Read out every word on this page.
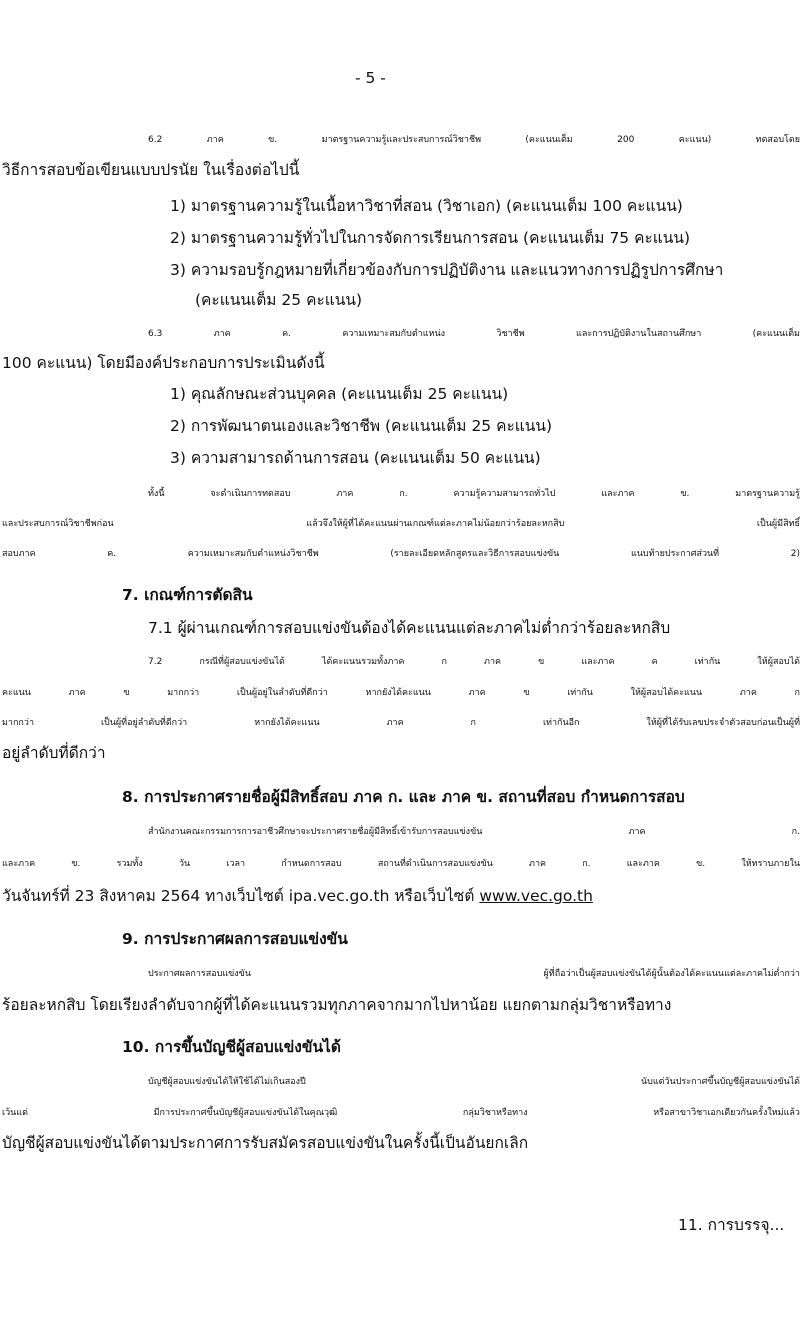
- 5 -
6.2 ภาค ข. มาตรฐานความรู้และประสบการณ์วิชาชีพ (คะแนนเต็ม 200 คะแนน) ทดสอบโดย
วิธีการสอบข้อเขียนแบบปรนัย ในเรื่องต่อไปนี้
1) มาตรฐานความรู้ในเนื้อหาวิชาที่สอน (วิชาเอก) (คะแนนเต็ม 100 คะแนน)
2) มาตรฐานความรู้ทั่วไปในการจัดการเรียนการสอน (คะแนนเต็ม 75 คะแนน)
3) ความรอบรู้กฎหมายที่เกี่ยวข้องกับการปฏิบัติงาน และแนวทางการปฏิรูปการศึกษา
(คะแนนเต็ม 25 คะแนน)
6.3 ภาค ค. ความเหมาะสมกับตำแหน่ง วิชาชีพ และการปฏิบัติงานในสถานศึกษา (คะแนนเต็ม
100 คะแนน) โดยมีองค์ประกอบการประเมินดังนี้
1) คุณลักษณะส่วนบุคคล (คะแนนเต็ม 25 คะแนน)
2) การพัฒนาตนเองและวิชาชีพ (คะแนนเต็ม 25 คะแนน)
3) ความสามารถด้านการสอน (คะแนนเต็ม 50 คะแนน)
ทั้งนี้ จะดำเนินการทดสอบ ภาค ก. ความรู้ความสามารถทั่วไป และภาค ข. มาตรฐานความรู้
และประสบการณ์วิชาชีพก่อน แล้วจึงให้ผู้ที่ได้คะแนนผ่านเกณฑ์แต่ละภาคไม่น้อยกว่าร้อยละหกสิบ เป็นผู้มีสิทธิ์
สอบภาค ค. ความเหมาะสมกับตำแหน่งวิชาชีพ (รายละเอียดหลักสูตรและวิธีการสอบแข่งขัน แนบท้ายประกาศส่วนที่ 2)
7. เกณฑ์การตัดสิน
7.1 ผู้ผ่านเกณฑ์การสอบแข่งขันต้องได้คะแนนแต่ละภาคไม่ต่ำกว่าร้อยละหกสิบ
7.2 กรณีที่ผู้สอบแข่งขันได้ ได้คะแนนรวมทั้งภาค ก ภาค ข และภาค ค เท่ากัน ให้ผู้สอบได้
คะแนน ภาค ข มากกว่า เป็นผู้อยู่ในลำดับที่ดีกว่า หากยังได้คะแนน ภาค ข เท่ากัน ให้ผู้สอบได้คะแนน ภาค ก
มากกว่า เป็นผู้ที่อยู่ลำดับที่ดีกว่า หากยังได้คะแนน ภาค ก เท่ากันอีก ให้ผู้ที่ได้รับเลขประจำตัวสอบก่อนเป็นผู้ที่
อยู่ลำดับที่ดีกว่า
8. การประกาศรายชื่อผู้มีสิทธิ์สอบ ภาค ก. และ ภาค ข. สถานที่สอบ กำหนดการสอบ
สำนักงานคณะกรรมการการอาชีวศึกษาจะประกาศรายชื่อผู้มีสิทธิ์เข้ารับการสอบแข่งขัน ภาค ก.
และภาค ข. รวมทั้ง วัน เวลา กำหนดการสอบ สถานที่ดำเนินการสอบแข่งขัน ภาค ก. และภาค ข. ให้ทราบภายใน
วันจันทร์ที่ 23 สิงหาคม 2564 ทางเว็บไซต์ ipa.vec.go.th หรือเว็บไซต์ www.vec.go.th
9. การประกาศผลการสอบแข่งขัน
ประกาศผลการสอบแข่งขัน ผู้ที่ถือว่าเป็นผู้สอบแข่งขันได้ผู้นั้นต้องได้คะแนนแต่ละภาคไม่ต่ำกว่า
ร้อยละหกสิบ โดยเรียงลำดับจากผู้ที่ได้คะแนนรวมทุกภาคจากมากไปหาน้อย แยกตามกลุ่มวิชาหรือทาง
10. การขึ้นบัญชีผู้สอบแข่งขันได้
บัญชีผู้สอบแข่งขันได้ให้ใช้ได้ไม่เกินสองปี นับแต่วันประกาศขึ้นบัญชีผู้สอบแข่งขันได้
เว้นแต่ มีการประกาศขึ้นบัญชีผู้สอบแข่งขันได้ในคุณวุฒิ กลุ่มวิชาหรือทาง หรือสาขาวิชาเอกเดียวกันครั้งใหม่แล้ว
บัญชีผู้สอบแข่งขันได้ตามประกาศการรับสมัครสอบแข่งขันในครั้งนี้เป็นอันยกเลิก
11. การบรรจุ...
